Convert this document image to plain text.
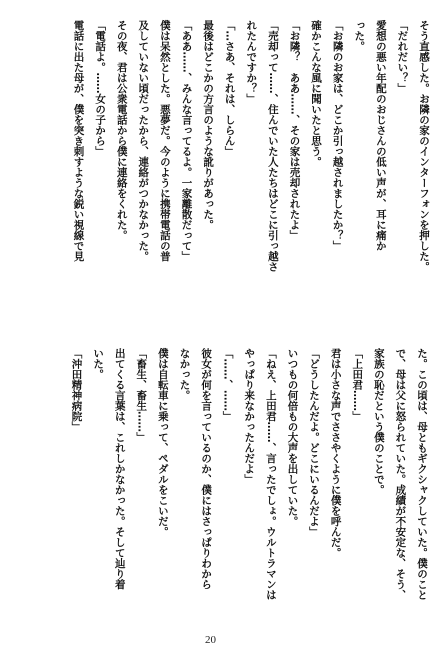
そう直感した。お隣の家のインターフォンを押した。
「だれだい？」
愛想の悪い年配のおじさんの低い声が、耳に痛か
った。
「お隣のお家は、どこか引っ越されましたか？」
確かこんな風に聞いたと思う。
「お隣？　ああ……、その家は売却されたよ」
「売却って……、住んでいた人たちはどこに引っ越さ
れたんですか？」
「…さあ、それは、しらん」
最後はどこかの方言のような訛りがあった。
「ああ……、みんな言ってるよ。一家離散だって」
僕は呆然とした。悪夢だ。今のように携帯電話の普
及していない頃だったから、連絡がつかなかった。
その夜、君は公衆電話から僕に連絡をくれた。
「電話よ。……女の子から」
電話に出た母が、僕を突き刺すような鋭い視線で見
た。この頃は、母ともギクシャクしていた。僕のこと
で、母は父に怒られていた。成績が不安定な、そう、
家族の恥だという僕のことで。
「上田君……」
君は小さな声でささやくように僕を呼んだ。
「どうしたんだよ。どこにいるんだよ」
いつもの何倍もの大声を出していた。
「ねえ、上田君……、言ったでしょ。ウルトラマンは
やっぱり来なかったんだよ」
「……、……」
彼女が何を言っているのか、僕にはさっぱりわから
なかった。
僕は自転車に乗って、ペダルをこいだ。
「畜生、畜生……」
出てくる言葉は、これしかなかった。そして辿り着
いた。
「沖田精神病院」
20
